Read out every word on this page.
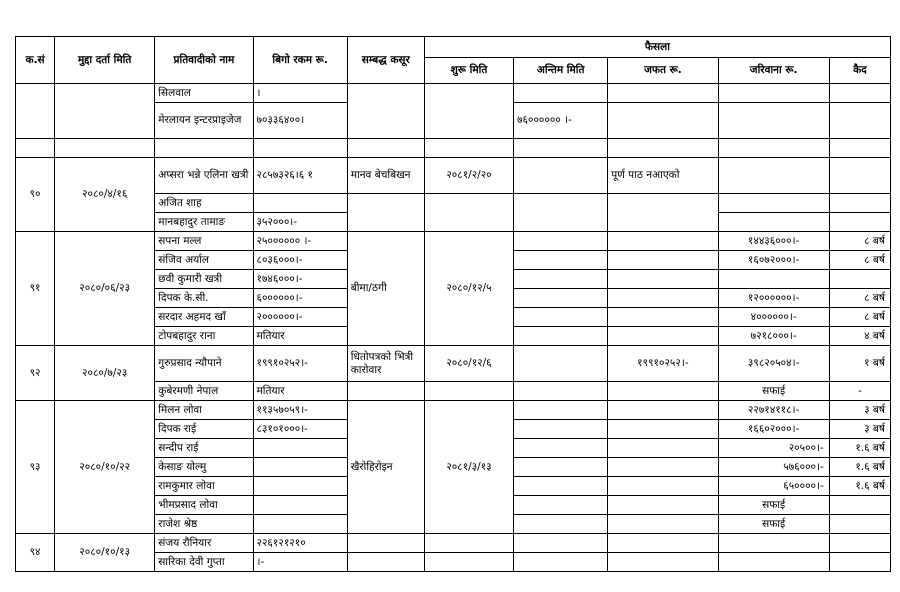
क.सं	मुद्दा दर्ता मिति	प्रतिवादीको नाम	बिगो रकम रू.	सम्बद्ध कसूर	फैसला				
					शुरू मिति	अन्तिम मिति	जफत रू.	जरिवाना रू.	कैद
		सिलवाल	।						
		मेरलायन इन्टरप्राइजेज	७०३३६४००।			७६०००००० ।-			

९०	२०८०/४/१६	अप्सरा भन्ने एलिना खत्री	२८५७३२६।६ १	मानव बेचबिखन	२०८१/२/२०		पूर्ण पाठ नआएको		
		अजित शाह							
		मानबहादुर तामाङ	३५२०००।-						
९१	२०८०/०६/२३	सपना मल्ल	२५०००००० ।-	बीमा/ठगी	२०८०/१२/५			१४४३६०००।-	८ बर्ष
		संजिव अर्याल	८०३६०००।-					१६०७२०००।-	८ बर्ष
		छवी कुमारी खत्री	१७४६०००।-						
		दिपक के.सी.	६००००००।-					१२००००००।-	८ बर्ष
		सरदार अहमद खाँ	२००००००।-					४००००००।-	८ बर्ष
		टोपबहादुर राना	मतियार					७२१८०००।-	४ बर्ष
९२	२०८०/७/२३	गुरुप्रसाद न्यौपाने	१९९१०२५२।-	धितोपत्रको भित्री कारोवार	२०८०/१२/६		१९९१०२५२।-	३९८२०५०४।-	१ बर्ष
		कुबेरमणी नेपाल	मतियार					सफाई	-
९३	२०८०/१०/२२	मिलन लोवा	११३५७०५९।-	खैरोहिरोइन	२०८१/३/१३			२२७१४११८।-	३ बर्ष
		दिपक राई	८३१०१०००।-					१६६०२०००।-	३ बर्ष
		सन्दीप राई						२०५००।-	१.६ बर्ष
		केसाङ योल्मु						५७६०००।-	१.६ बर्ष
		रामकुमार लोवा						६५००००।-	१.६ बर्ष
		भीमप्रसाद लोवा						सफाई	
		राजेश श्रेष्ठ						सफाई	
९४	२०८०/१०/१३	संजय रौनियार	२२६१२१२१०						
		सारिका देवी गुप्ता	।-						
